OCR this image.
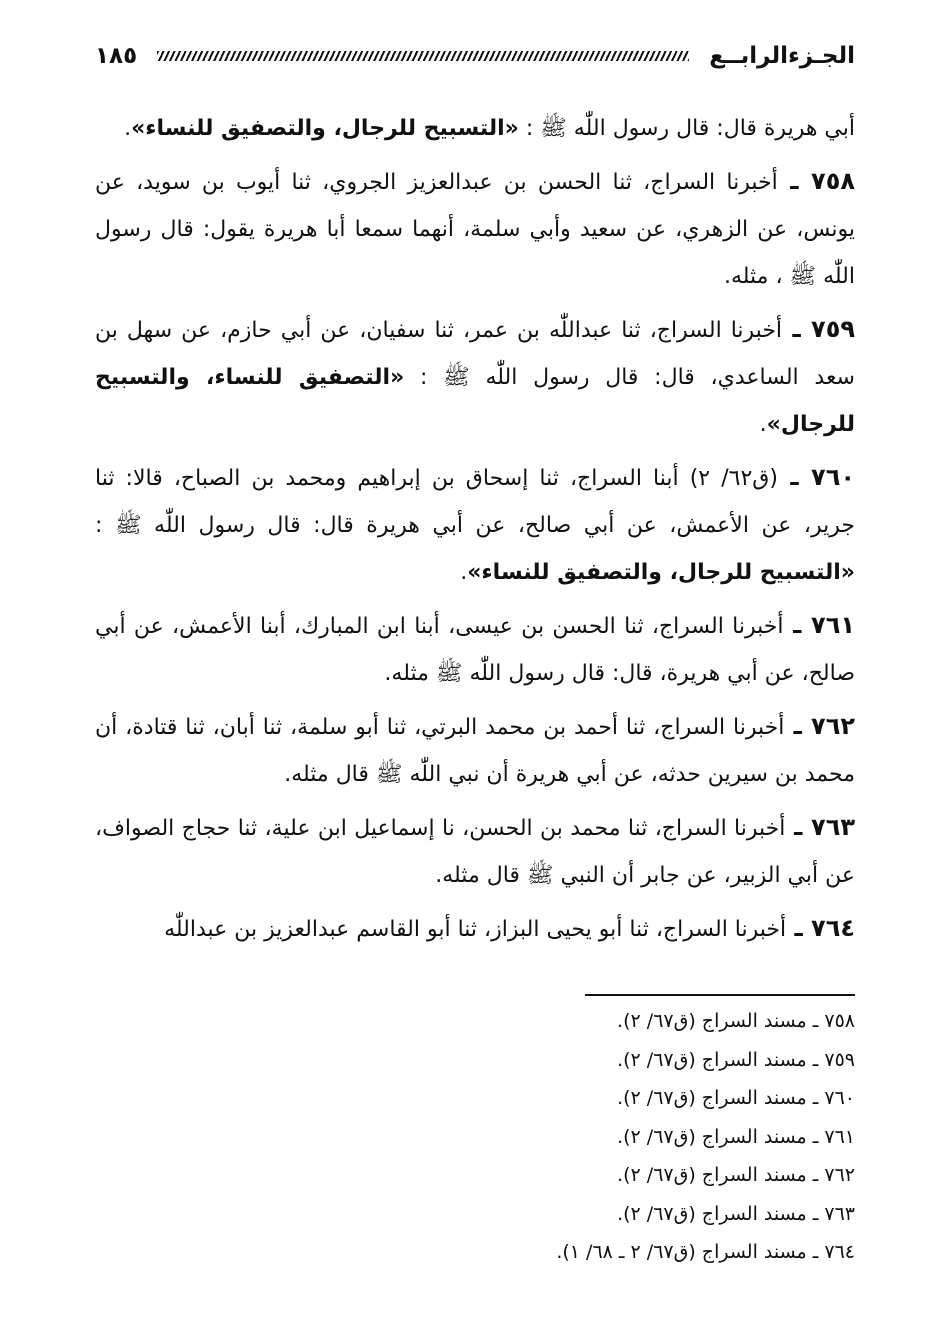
الجـزءالرابــع
١٨٥

أبي هريرة قال: قال رسول اللّٰه ﷺ : «التسبيح للرجال، والتصفيق للنساء».

٧٥٨ ـ أخبرنا السراج، ثنا الحسن بن عبدالعزيز الجروي، ثنا أيوب بن سويد، عن يونس، عن الزهري، عن سعيد وأبي سلمة، أنهما سمعا أبا هريرة يقول: قال رسول اللّٰه ﷺ ، مثله.

٧٥٩ ـ أخبرنا السراج، ثنا عبداللّٰه بن عمر، ثنا سفيان، عن أبي حازم، عن سهل بن سعد الساعدي، قال: قال رسول اللّٰه ﷺ : «التصفيق للنساء، والتسبيح للرجال».

٧٦٠ ـ (ق٦٢/ ٢) أبنا السراج، ثنا إسحاق بن إبراهيم ومحمد بن الصباح، قالا: ثنا جرير، عن الأعمش، عن أبي صالح، عن أبي هريرة قال: قال رسول اللّٰه ﷺ : «التسبيح للرجال، والتصفيق للنساء».

٧٦١ ـ أخبرنا السراج، ثنا الحسن بن عيسى، أبنا ابن المبارك، أبنا الأعمش، عن أبي صالح، عن أبي هريرة، قال: قال رسول اللّٰه ﷺ مثله.

٧٦٢ ـ أخبرنا السراج، ثنا أحمد بن محمد البرتي، ثنا أبو سلمة، ثنا أبان، ثنا قتادة، أن محمد بن سيرين حدثه، عن أبي هريرة أن نبي اللّٰه ﷺ قال مثله.

٧٦٣ ـ أخبرنا السراج، ثنا محمد بن الحسن، نا إسماعيل ابن علية، ثنا حجاج الصواف، عن أبي الزبير، عن جابر أن النبي ﷺ قال مثله.

٧٦٤ ـ أخبرنا السراج، ثنا أبو يحيى البزاز، ثنا أبو القاسم عبدالعزيز بن عبداللّٰه

٧٥٨ ـ مسند السراج (ق٦٧/ ٢).
٧٥٩ ـ مسند السراج (ق٦٧/ ٢).
٧٦٠ ـ مسند السراج (ق٦٧/ ٢).
٧٦١ ـ مسند السراج (ق٦٧/ ٢).
٧٦٢ ـ مسند السراج (ق٦٧/ ٢).
٧٦٣ ـ مسند السراج (ق٦٧/ ٢).
٧٦٤ ـ مسند السراج (ق٦٧/ ٢ ـ ٦٨/ ١).
